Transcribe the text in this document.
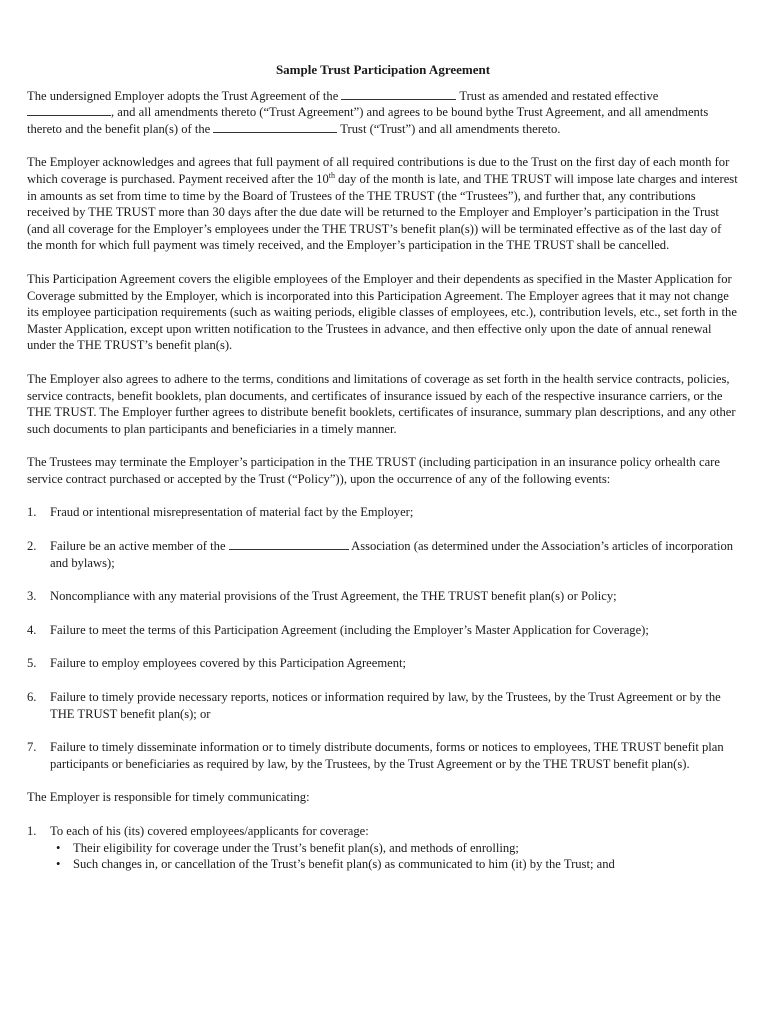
Sample Trust Participation Agreement

The undersigned Employer adopts the Trust Agreement of the	Trust as amended and restated effective , and all amendments thereto (“Trust Agreement”) and agrees to be bound bythe Trust Agreement, and all amendments thereto and the benefit plan(s) of the	Trust (“Trust”) and all amendments thereto.

The Employer acknowledges and agrees that full payment of all required contributions is due to the Trust on the first day of each month for which coverage is purchased. Payment received after the 10th day of the month is late, and THE TRUST will impose late charges and interest in amounts as set from time to time by the Board of Trustees of the THE TRUST (the “Trustees”), and further that, any contributions received by THE TRUST more than 30 days after the due date will be returned to the Employer and Employer’s participation in the Trust (and all coverage for the Employer’s employees under the THE TRUST’s benefit plan(s)) will be terminated effective as of the last day of the month for which full payment was timely received, and the Employer’s participation in the THE TRUST shall be cancelled.

This Participation Agreement covers the eligible employees of the Employer and their dependents as specified in the Master Application for Coverage submitted by the Employer, which is incorporated into this Participation Agreement. The Employer agrees that it may not change its employee participation requirements (such as waiting periods, eligible classes of employees, etc.), contribution levels, etc., set forth in the Master Application, except upon written notification to the Trustees in advance, and then effective only upon the date of annual renewal under the THE TRUST’s benefit plan(s).

The Employer also agrees to adhere to the terms, conditions and limitations of coverage as set forth in the health service contracts, policies, service contracts, benefit booklets, plan documents, and certificates of insurance issued by each of the respective insurance carriers, or the THE TRUST. The Employer further agrees to distribute benefit booklets, certificates of insurance, summary plan descriptions, and any other such documents to plan participants and beneficiaries in a timely manner.

The Trustees may terminate the Employer’s participation in the THE TRUST (including participation in an insurance policy orhealth care service contract purchased or accepted by the Trust (“Policy”)), upon the occurrence of any of the following events:

1. Fraud or intentional misrepresentation of material fact by the Employer;
2. Failure be an active member of the	Association (as determined under the Association’s articles of incorporation and bylaws);
3. Noncompliance with any material provisions of the Trust Agreement, the THE TRUST benefit plan(s) or Policy;
4. Failure to meet the terms of this Participation Agreement (including the Employer’s Master Application for Coverage);
5. Failure to employ employees covered by this Participation Agreement;
6. Failure to timely provide necessary reports, notices or information required by law, by the Trustees, by the Trust Agreement or by the THE TRUST benefit plan(s); or
7. Failure to timely disseminate information or to timely distribute documents, forms or notices to employees, THE TRUST benefit plan participants or beneficiaries as required by law, by the Trustees, by the Trust Agreement or by the THE TRUST benefit plan(s).

The Employer is responsible for timely communicating:

1. To each of his (its) covered employees/applicants for coverage:
• Their eligibility for coverage under the Trust’s benefit plan(s), and methods of enrolling;
• Such changes in, or cancellation of the Trust’s benefit plan(s) as communicated to him (it) by the Trust; and
